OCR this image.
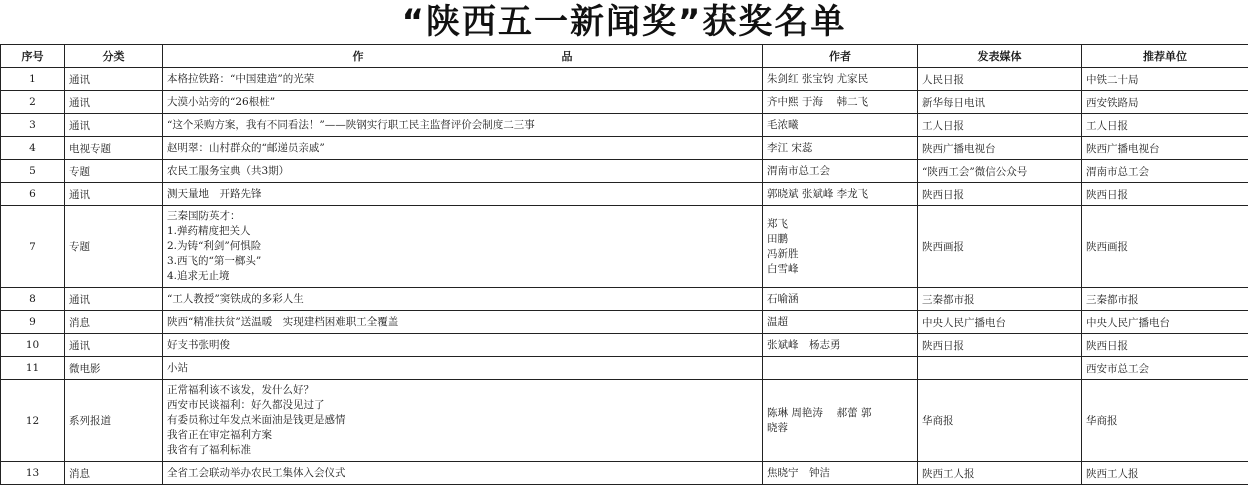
“陕西五一新闻奖”获奖名单
序号	分类	作　　　　　　　　　　　　　　　　　　品	作者	发表媒体	推荐单位
1	通讯	本格拉铁路：“中国建造”的光荣	朱剑红 张宝钧 尤家民	人民日报	中铁二十局
2	通讯	大漠小站旁的“26根桩”	齐中熙 于海　 韩二飞	新华每日电讯	西安铁路局
3	通讯	“这个采购方案，我有不同看法！”——陕钢实行职工民主监督评价会制度二三事	毛浓曦	工人日报	工人日报
4	电视专题	赵明翠：山村群众的“邮递员亲戚”	李江 宋蕊	陕西广播电视台	陕西广播电视台
5	专题	农民工服务宝典（共3期）	渭南市总工会	“陕西工会”微信公众号	渭南市总工会
6	通讯	测天量地　开路先锋	郭晓斌 张斌峰 李龙飞	陕西日报	陕西日报
7	专题	三秦国防英才：
1.弹药精度把关人
2.为铸“利剑”何惧险
3.西飞的“第一榔头”
4.追求无止境	郑飞
田鹏
冯新胜
白雪峰	陕西画报	陕西画报
8	通讯	“工人教授”窦铁成的多彩人生	石喻涵	三秦都市报	三秦都市报
9	消息	陕西“精准扶贫”送温暖　实现建档困难职工全覆盖	温超	中央人民广播电台	中央人民广播电台
10	通讯	好支书张明俊	张斌峰　杨志勇	陕西日报	陕西日报
11	微电影	小站			西安市总工会
12	系列报道	正常福利该不该发，发什么好？
西安市民谈福利：好久都没见过了
有委员称过年发点米面油是钱更是感情
我省正在审定福利方案
我省有了福利标准	陈琳 周艳涛　 郝蕾 郭
晓蓉	华商报	华商报
13	消息	全省工会联动举办农民工集体入会仪式	焦晓宁　钟洁	陕西工人报	陕西工人报
